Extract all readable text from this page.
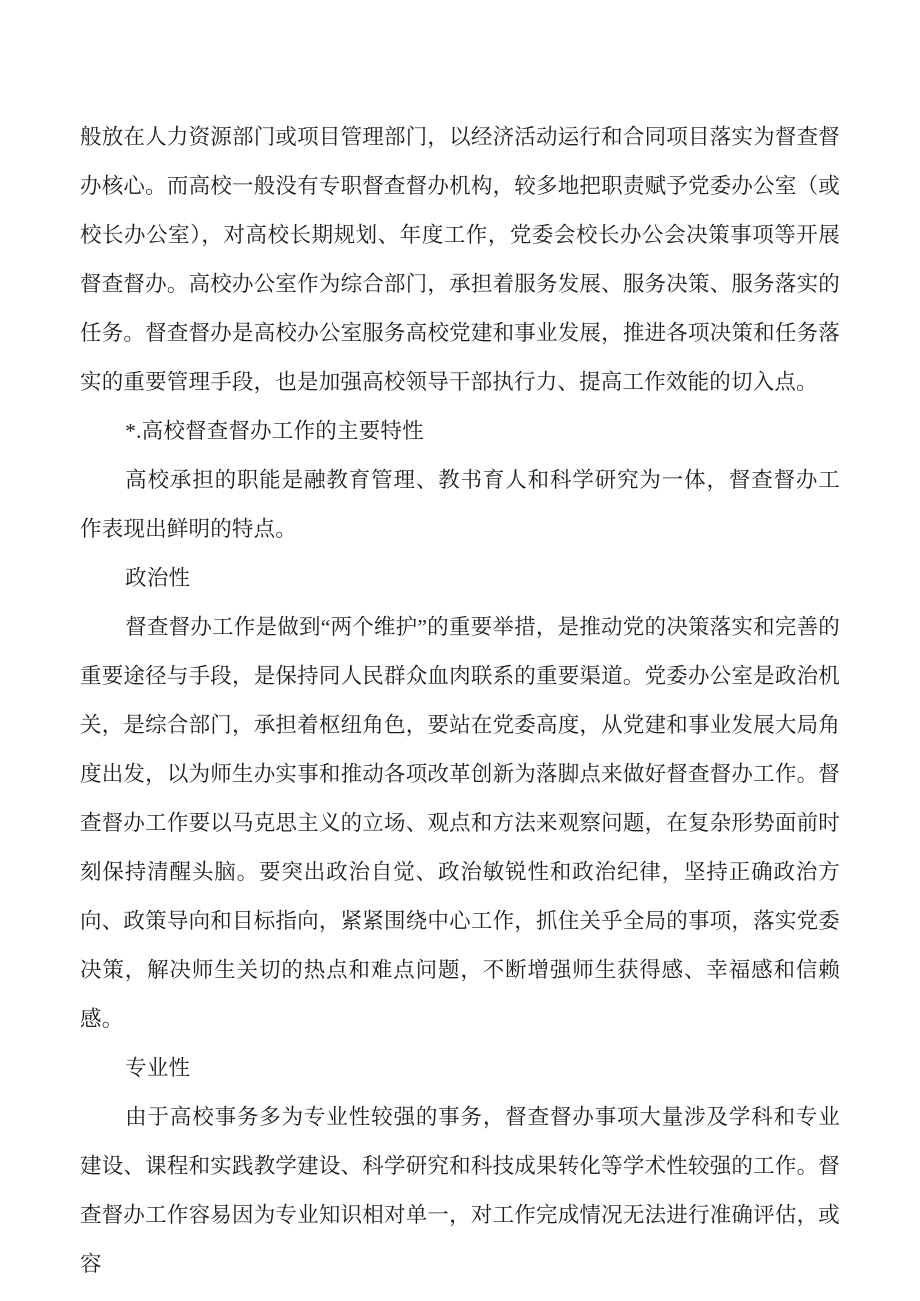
般放在人力资源部门或项目管理部门，以经济活动运行和合同项目落实为督查督办核心。而高校一般没有专职督查督办机构，较多地把职责赋予党委办公室（或校长办公室），对高校长期规划、年度工作，党委会校长办公会决策事项等开展督查督办。高校办公室作为综合部门，承担着服务发展、服务决策、服务落实的任务。督查督办是高校办公室服务高校党建和事业发展，推进各项决策和任务落实的重要管理手段，也是加强高校领导干部执行力、提高工作效能的切入点。

*.高校督查督办工作的主要特性

高校承担的职能是融教育管理、教书育人和科学研究为一体，督查督办工作表现出鲜明的特点。

政治性

督查督办工作是做到“两个维护”的重要举措，是推动党的决策落实和完善的重要途径与手段，是保持同人民群众血肉联系的重要渠道。党委办公室是政治机关，是综合部门，承担着枢纽角色，要站在党委高度，从党建和事业发展大局角度出发，以为师生办实事和推动各项改革创新为落脚点来做好督查督办工作。督查督办工作要以马克思主义的立场、观点和方法来观察问题，在复杂形势面前时刻保持清醒头脑。要突出政治自觉、政治敏锐性和政治纪律，坚持正确政治方向、政策导向和目标指向，紧紧围绕中心工作，抓住关乎全局的事项，落实党委决策，解决师生关切的热点和难点问题，不断增强师生获得感、幸福感和信赖感。

专业性

由于高校事务多为专业性较强的事务，督查督办事项大量涉及学科和专业建设、课程和实践教学建设、科学研究和科技成果转化等学术性较强的工作。督查督办工作容易因为专业知识相对单一，对工作完成情况无法进行准确评估，或容
